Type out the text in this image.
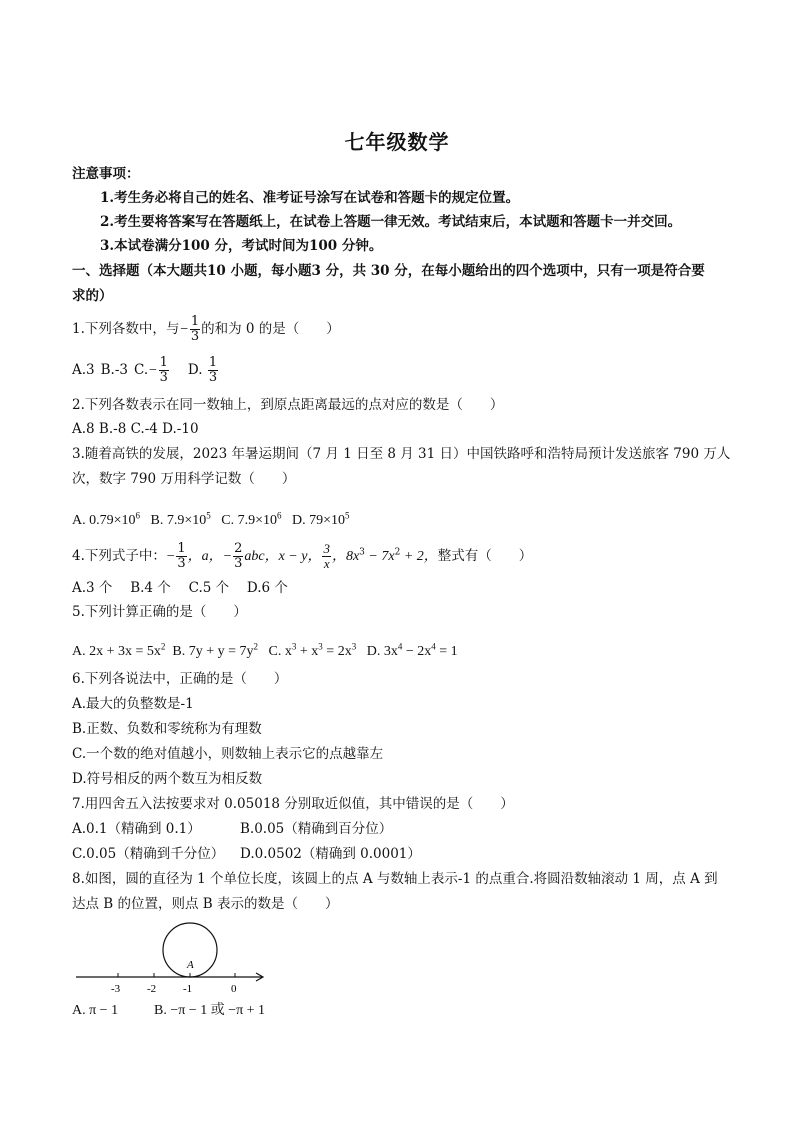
七年级数学
注意事项：
1.考生务必将自己的姓名、准考证号涂写在试卷和答题卡的规定位置。
2.考生要将答案写在答题纸上，在试卷上答题一律无效。考试结束后，本试题和答题卡一并交回。
3.本试卷满分100 分，考试时间为100 分钟。
一、选择题（本大题共10 小题，每小题3 分，共 30 分，在每小题给出的四个选项中，只有一项是符合要
求的）
1.下列各数中，与− $\frac{1}{3}$ 的和为 0 的是（　　）
A.3 B.-3 $C.- \frac{1}{3} D$. $\frac{1}{3}$
2.下列各数表示在同一数轴上，到原点距离最远的点对应的数是（　　）
A.8 B.-8 C.-4 D.-10
3.随着高铁的发展，2023 年暑运期间（7 月 1 日至 8 月 31 日）中国铁路呼和浩特局预计发送旅客 790 万人
次，数字 790 万用科学记数（　　）
A. $0.79\times 10^6$ B. $7.9\times 10^5$ C. $7.9\times 10^6$ D. $79\times 10^5$
4.下列式子中：− $\frac{1}{3}$ ，a，− $\frac{2}{3}$ abc，x − y， $\frac{3}{x}$ ，$8x^3 - 7x^2 + 2$，整式有（　　）
A.3 个　 B.4 个　 C.5 个　 D.6 个
5.下列计算正确的是（　　）
A. $2x + 3x = 5x^2$ B. $7y + y = 7y^2$ C. $x^3 + x^3 = 2x^3$ D. $3x^4 - 2x^4 = 1$
6.下列各说法中，正确的是（　　）
A.最大的负整数是-1
B.正数、负数和零统称为有理数
C.一个数的绝对值越小，则数轴上表示它的点越靠左
D.符号相反的两个数互为相反数
7.用四舍五入法按要求对 0.05018 分别取近似值，其中错误的是（　　）
A.0.1（精确到 0.1）	B.0.05（精确到百分位）
C.0.05（精确到千分位） D.0.0502（精确到 0.0001）
8.如图，圆的直径为 1 个单位长度，该圆上的点 A 与数轴上表示-1 的点重合.将圆沿数轴滚动 1 周，点 A 到
达点 B 的位置，则点 B 表示的数是（　　）
A
-3 -2 -1	0
A. π − 1	B. −π − 1 或 −π + 1
